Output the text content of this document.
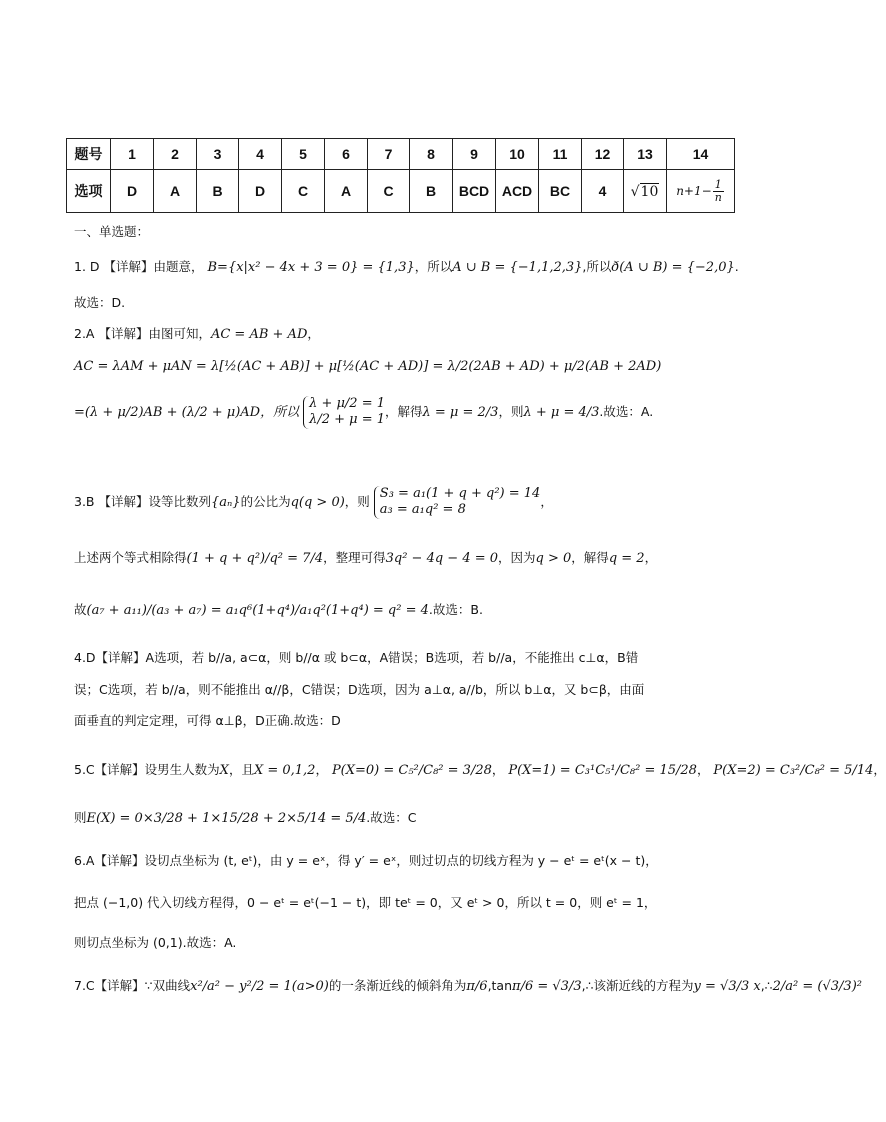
题号	1	2	3	4	5	6	7	8	9	10	11	12	13	14
选项	D	A	B	D	C	A	C	B	BCD	ACD	BC	4	√10	$n+1- \frac{1}{n}$
一、单选题：
1. D 【详解】由题意， B={x|x² − 4x + 3 = 0} = {1,3}，所以A ∪ B = {−1,1,2,3},所以ð(A ∪ B) = {−2,0}.
故选：D.
2.A 【详解】由图可知，AC = AB + AD，
AC = λAM + μAN = λ[½(AC + AB)] + μ[½(AC + AD)] = λ/2(2AB + AD) + μ/2(AB + 2AD)
=(λ + μ/2)AB + (λ/2 + μ)AD，所以
λ + μ/2 = 1
λ/2 + μ = 1
，解得λ = μ = 2/3，则λ + μ = 4/3.故选：A.
3.B 【详解】设等比数列{aₙ}的公比为q(q > 0)，则
S₃ = a₁(1 + q + q²) = 14
a₃ = a₁q² = 8
，
上述两个等式相除得(1 + q + q²)/q² = 7/4，整理可得3q² − 4q − 4 = 0，因为q > 0，解得q = 2，
故(a₇ + a₁₁)/(a₃ + a₇) = a₁q⁶(1+q⁴)/a₁q²(1+q⁴) = q² = 4.故选：B.
4.D【详解】A选项，若 b//a, a⊂α，则 b//α 或 b⊂α，A错误；B选项，若 b//a，不能推出 c⊥α，B错
误；C选项，若 b//a，则不能推出 α//β，C错误；D选项，因为 a⊥α, a//b，所以 b⊥α，又 b⊂β，由面
面垂直的判定定理，可得 α⊥β，D正确.故选：D
5.C【详解】设男生人数为X，且X = 0,1,2， P(X=0) = C₅²/C₈² = 3/28， P(X=1) = C₃¹C₅¹/C₈² = 15/28， P(X=2) = C₃²/C₈² = 5/14，
则E(X) = 0×3/28 + 1×15/28 + 2×5/14 = 5/4.故选：C
6.A【详解】设切点坐标为 (t, eᵗ)，由 y = eˣ，得 y′ = eˣ，则过切点的切线方程为 y − eᵗ = eᵗ(x − t)，
把点 (−1,0) 代入切线方程得，0 − eᵗ = eᵗ(−1 − t)，即 teᵗ = 0，又 eᵗ > 0，所以 t = 0，则 eᵗ = 1，
则切点坐标为 (0,1).故选：A.
7.C【详解】∵双曲线x²/a² − y²/2 = 1(a>0)的一条渐近线的倾斜角为π/6,tanπ/6 = √3/3,∴该渐近线的方程为y = √3/3 x,∴2/a² = (√3/3)²
